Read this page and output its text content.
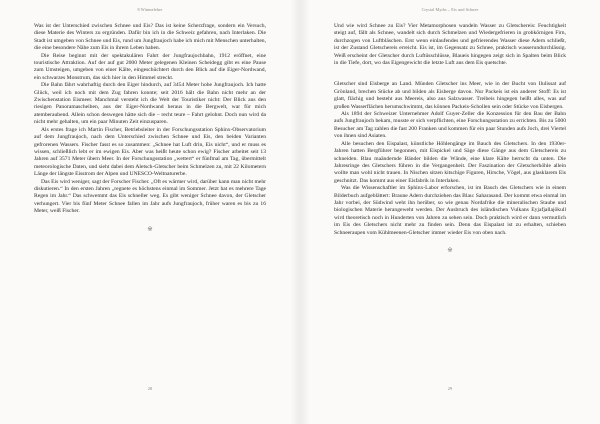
8 Wärmelehre

Was ist der Unterschied zwischen Schnee und Eis? Das ist keine Scherzfrage, sondern ein Versuch, diese Materie des Winters zu ergründen. Dafür bin ich in die Schweiz gefahren, nach Interlaken. Die Stadt ist umgeben von Schnee und Eis, rund um Jungfraujoch habe ich mich mit Menschen unterhalten, die eine besondere Nähe zum Eis in ihrem Leben haben.

Die Reise beginnt mit der spektakulären Fahrt der Jungfraujochbahn, 1912 eröffnet, eine touristische Attraktion. Auf der auf gut 2000 Meter gelegenen Kleinen Scheidegg gibt es eine Pause zum Umsteigen, umgeben von einer Kälte, eingeschüchtert durch den Blick auf die Eiger-Nordwand, ein schwarzes Monstrum, das sich hier in den Himmel streckt.

Die Bahn fährt wahrhaftig durch den Eiger hindurch, auf 3454 Meter hohe Jungfraujoch. Ich hatte Glück, weil ich noch mit dem Zug fahren konnte; seit 2016 hält die Bahn nicht mehr an der Zwischenstation Eismeer. Manchmal versteht ich die Welt der Touristiker nicht: Der Blick aus den riesigen Panoramascheiben, aus der Eiger-Nordwand heraus in die Bergwelt, war für mich atemberaubend. Allein schon deswegen hätte sich die – recht teure – Fahrt gelohnt. Doch nun wird da nicht mehr gehalten, um ein paar Minuten Zeit einzusparen.

Als erstes frage ich Martin Fischer, Betriebsleiter in der Forschungsstation Sphinx-Observatorium auf dem Jungfraujoch, nach dem Unterschied zwischen Schnee und Eis, den beiden Varianten gefrorenen Wassers. Fischer fasst es so zusammen: „Schnee hat Luft drin, Eis nicht“, und er muss es wissen, schließlich lebt er im ewigen Eis. Aber was heißt heute schon ewig? Fischer arbeitet seit 13 Jahren auf 3571 Meter übern Meer. In der Forschungsstation „wettert“ er fünfmal am Tag, übermittelt meteorologische Daten, und sieht dabei dem Aletsch-Gletscher beim Schmelzen zu, mit 22 Kilometern Länge der längste Eisstrom der Alpen und UNESCO-Weltnaturerbe.

Das Eis wird weniger, sagt der Forscher Fischer. „Oft es wärmer wird, darüber kann man nicht mehr diskutieren.“ In den ersten Jahren „regnete es höchstens einmal im Sommer. Jetzt hat es mehrere Tage Regen im Jahr.“ Das schwemmt das Eis schneller weg. Es gibt weniger Schnee davon, der Gletscher verhungert. Vier bis fünf Meter Schnee fallen im Jahr aufs Jungfraujoch, früher waren es bis zu 16 Meter, weiß Fischer.

※
28
Crystal Myths – Eis und Schnee

Und wie wird Schnee zu Eis? Vier Metamorphosen wandeln Wasser zu Gletschereis: Feuchtigkeit steigt auf, fällt als Schnee, wandelt sich durch Schmelzen und Wiedergefrieren in grobkörnigen Firn, durchzogen von Luftbläschen. Erst wenn einlaufendes und gefrierendes Wasser diese Adern schließt, ist der Zustand Gletschereis erreicht. Eis ist, im Gegensatz zu Schnee, praktisch wasserundurchlässig. Weiß erscheint der Gletscher durch Luftüsschlüsse, Blaueis hingegen zeigt sich in Spalten beim Blick in die Tiefe, dort, wo das Eigengewicht die letzte Luft aus dem Eis quetschte.

Gletscher sind Eisberge an Land. Münden Gletscher ins Meer, wie in der Bucht von Ilulissat auf Grönland, brechen Stücke ab und bilden als Eisberge davon. Nur Packeis ist ein anderer Stoff: Es ist glatt, flächig und besteht aus Meereis, also aus Salzwasser. Treibeis hingegen heißt alles, was auf großen Wasserflächen herumschwimmt, das können Packeis-Schollen sein oder Stücke von Eisbergen.

Als 1894 der Schweizer Unternehmer Adolf Guyer-Zeller die Konzession für den Bau der Bahn aufs Jungfraujoch bekam, musste er sich verpflichten, eine Forschungsstation zu errichten. Bis zu 5000 Besucher am Tag zahlen die fast 200 Franken und kommen für ein paar Stunden aufs Joch, drei Viertel von ihnen sind Asiaten.

Alle besuchen den Eispalast, künstliche Höhlengänge im Bauch des Gletschers. In den 1930er-Jahren hatten Bergführer begonnen, mit Eispickel und Säge diese Gänge aus dem Gletschereis zu schneiden. Blau maändernde Bänder bilden die Wände, eine klare Kälte herrscht da unten. Die Jahresringe des Gletschers führen in die Vergangenheit. Der Faszination der Gletscherhöhle allein wollte man wohl nicht trauen. In Nischen sitzen kitschige Figuren, Hirsche, Vögel, aus glasklarem Eis geschnitzt. Das kommt aus einer Eisfabrik in Interlaken.

Was die Wissenschaftler im Sphinx-Labor erforschen, ist im Bauch des Gletschers wie in einem Bilderbuch aufgeblättert: Braune Adern durchziehen das Blau: Saharasand. Der kommt etwa einmal im Jahr vorbei, der Südwind weht ihn herüber, so wie genau Nordafrike die mineralischen Staube und biologischen Materie herangeweht werden. Der Ausbruch des isländischen Vulkans Eyjafjallajökull wird theoretisch noch in Hunderten von Jahren zu sehen sein. Doch praktisch wird er dann vermutlich im Eis des Gletschers nicht mehr zu finden sein. Denn das Eispalast ist zu erhalten, schieben Schneeraupen vom Kühlmeenen-Gletscher immer wieder Eis von oben nach.

※
29
